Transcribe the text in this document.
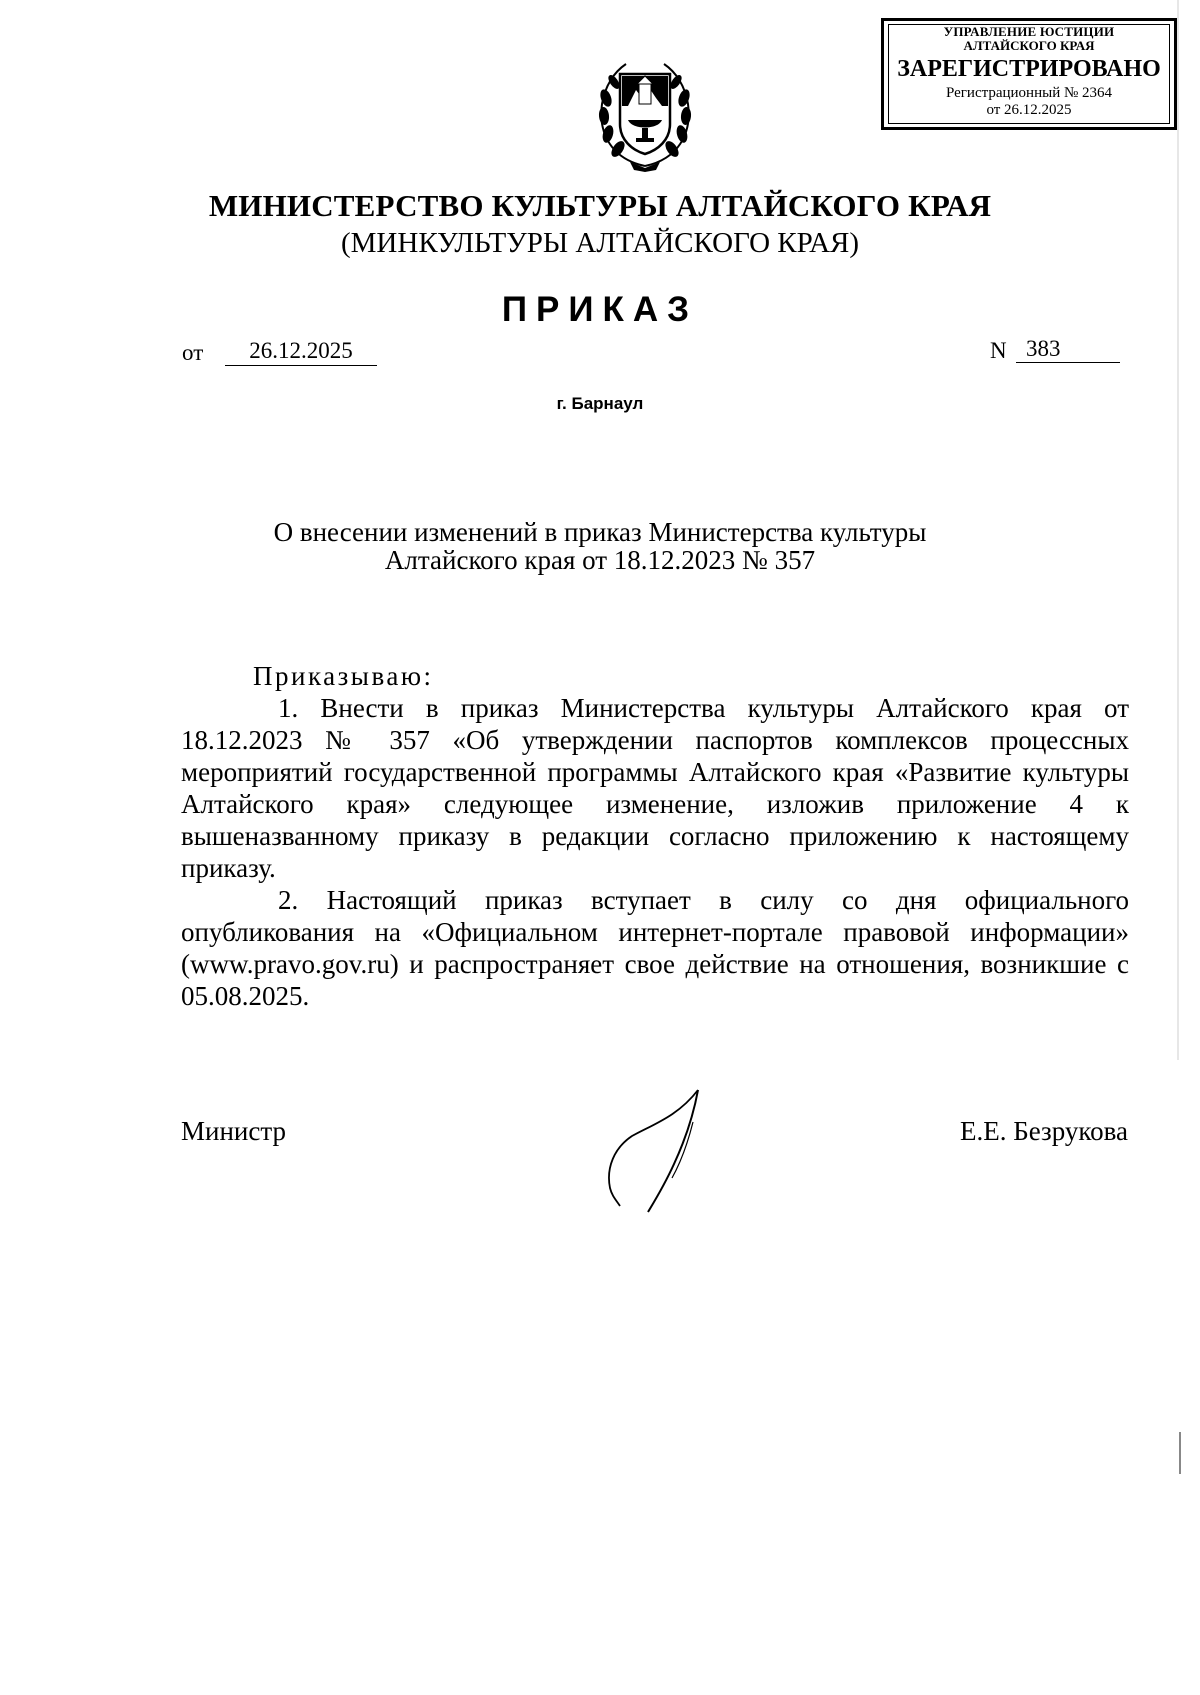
УПРАВЛЕНИЕ ЮСТИЦИИ
АЛТАЙСКОГО КРАЯ
ЗАРЕГИСТРИРОВАНО
Регистрационный № 2364
от 26.12.2025
МИНИСТЕРСТВО КУЛЬТУРЫ АЛТАЙСКОГО КРАЯ
(МИНКУЛЬТУРЫ АЛТАЙСКОГО КРАЯ)
ПРИКАЗ
от	26.12.2025	N 383
г. Барнаул
О внесении изменений в приказ Министерства культуры Алтайского края от 18.12.2023 № 357

Приказываю:

1. Внести в приказ Министерства культуры Алтайского края от 18.12.2023 № 357 «Об утверждении паспортов комплексов процессных мероприятий государственной программы Алтайского края «Развитие культуры Алтайского края» следующее изменение, изложив приложение 4 к вышеназванному приказу в редакции согласно приложению к настоящему приказу.

2. Настоящий приказ вступает в силу со дня официального опубликования на «Официальном интернет-портале правовой информации» (www.pravo.gov.ru) и распространяет свое действие на отношения, возникшие с 05.08.2025.

Министр	Е.Е. Безрукова
